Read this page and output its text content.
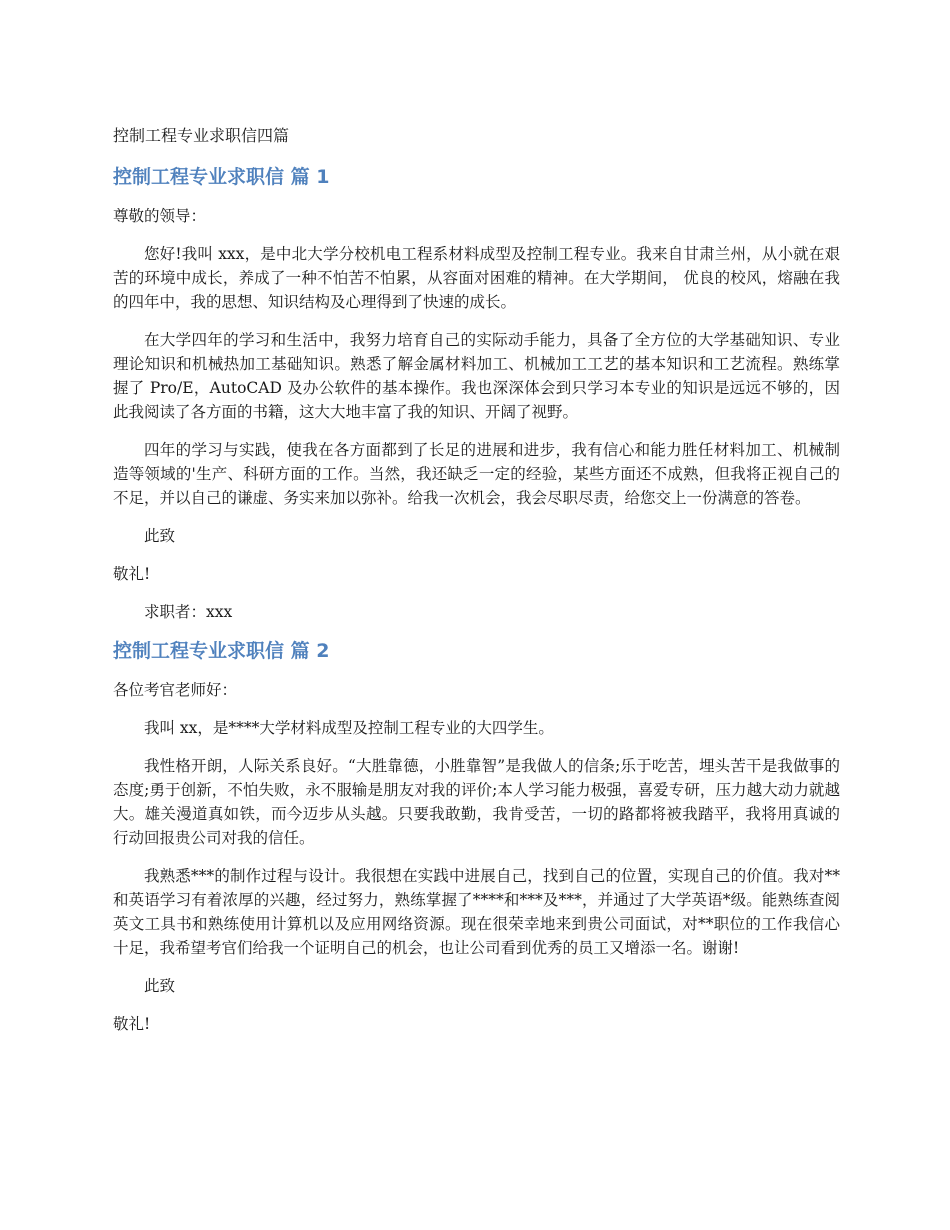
控制工程专业求职信四篇
控制工程专业求职信 篇 1

尊敬的领导：

您好!我叫 xxx，是中北大学分校机电工程系材料成型及控制工程专业。我来自甘肃兰州，从小就在艰苦的环境中成长，养成了一种不怕苦不怕累，从容面对困难的精神。在大学期间， 优良的校风，熔融在我的四年中，我的思想、知识结构及心理得到了快速的成长。

在大学四年的学习和生活中，我努力培育自己的实际动手能力，具备了全方位的大学基础知识、专业理论知识和机械热加工基础知识。熟悉了解金属材料加工、机械加工工艺的基本知识和工艺流程。熟练掌握了 Pro/E，AutoCAD 及办公软件的基本操作。我也深深体会到只学习本专业的知识是远远不够的，因此我阅读了各方面的书籍，这大大地丰富了我的知识、开阔了视野。

四年的学习与实践，使我在各方面都到了长足的进展和进步，我有信心和能力胜任材料加工、机械制造等领域的'生产、科研方面的工作。当然，我还缺乏一定的经验，某些方面还不成熟，但我将正视自己的不足，并以自己的谦虚、务实来加以弥补。给我一次机会，我会尽职尽责，给您交上一份满意的答卷。

此致

敬礼!

求职者：xxx

控制工程专业求职信 篇 2

各位考官老师好：

我叫 xx，是****大学材料成型及控制工程专业的大四学生。

我性格开朗，人际关系良好。“大胜靠德，小胜靠智”是我做人的信条;乐于吃苦，埋头苦干是我做事的态度;勇于创新，不怕失败，永不服输是朋友对我的评价;本人学习能力极强，喜爱专研，压力越大动力就越大。雄关漫道真如铁，而今迈步从头越。只要我敢勤，我肯受苦，一切的路都将被我踏平，我将用真诚的行动回报贵公司对我的信任。

我熟悉***的制作过程与设计。我很想在实践中进展自己，找到自己的位置，实现自己的价值。我对**和英语学习有着浓厚的兴趣，经过努力，熟练掌握了****和***及***，并通过了大学英语*级。能熟练查阅英文工具书和熟练使用计算机以及应用网络资源。现在很荣幸地来到贵公司面试，对**职位的工作我信心十足，我希望考官们给我一个证明自己的机会，也让公司看到优秀的员工又增添一名。谢谢!

此致

敬礼!
